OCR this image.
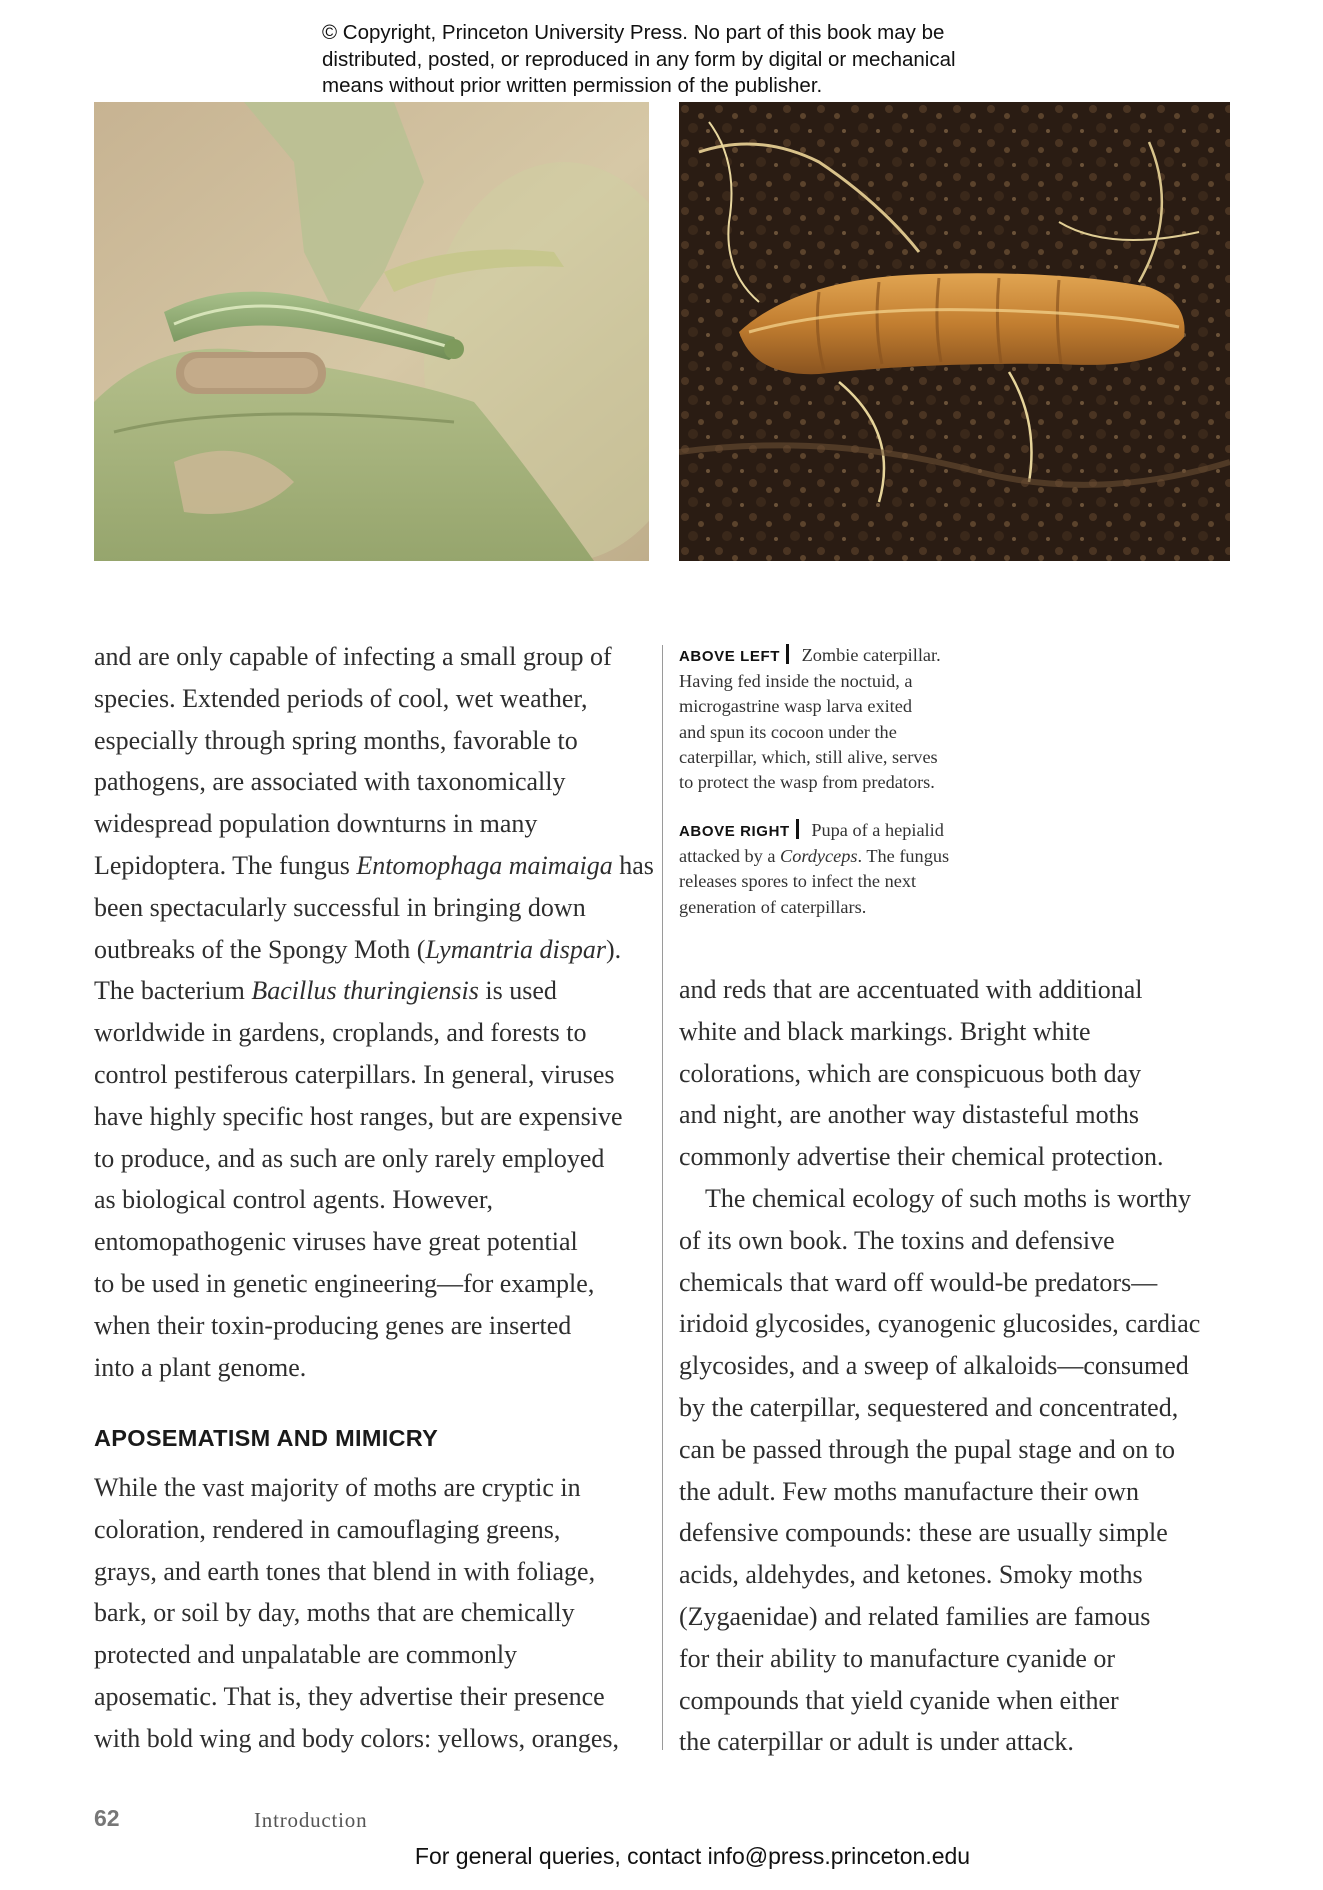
© Copyright, Princeton University Press. No part of this book may be
distributed, posted, or reproduced in any form by digital or mechanical
means without prior written permission of the publisher.
and are only capable of infecting a small group of
species. Extended periods of cool, wet weather,
especially through spring months, favorable to
pathogens, are associated with taxonomically
widespread population downturns in many
Lepidoptera. The fungus Entomophaga maimaiga has
been spectacularly successful in bringing down
outbreaks of the Spongy Moth (Lymantria dispar).
The bacterium Bacillus thuringiensis is used
worldwide in gardens, croplands, and forests to
control pestiferous caterpillars. In general, viruses
have highly specific host ranges, but are expensive
to produce, and as such are only rarely employed
as biological control agents. However,
entomopathogenic viruses have great potential
to be used in genetic engineering—for example,
when their toxin-producing genes are inserted
into a plant genome.
APOSEMATISM AND MIMICRY
While the vast majority of moths are cryptic in
coloration, rendered in camouflaging greens,
grays, and earth tones that blend in with foliage,
bark, or soil by day, moths that are chemically
protected and unpalatable are commonly
aposematic. That is, they advertise their presence
with bold wing and body colors: yellows, oranges,
ABOVE LEFT Zombie caterpillar.

Having fed inside the noctuid, a
microgastrine wasp larva exited
and spun its cocoon under the
caterpillar, which, still alive, serves
to protect the wasp from predators.
ABOVE RIGHT Pupa of a hepialid

attacked by a Cordyceps. The fungus
releases spores to infect the next
generation of caterpillars.
and reds that are accentuated with additional
white and black markings. Bright white
colorations, which are conspicuous both day
and night, are another way distasteful moths
commonly advertise their chemical protection.
 The chemical ecology of such moths is worthy
of its own book. The toxins and defensive
chemicals that ward off would-be predators—
iridoid glycosides, cyanogenic glucosides, cardiac
glycosides, and a sweep of alkaloids—consumed
by the caterpillar, sequestered and concentrated,
can be passed through the pupal stage and on to
the adult. Few moths manufacture their own
defensive compounds: these are usually simple
acids, aldehydes, and ketones. Smoky moths
(Zygaenidae) and related families are famous
for their ability to manufacture cyanide or
compounds that yield cyanide when either
the caterpillar or adult is under attack.
62	Introduction
For general queries, contact info@press.princeton.edu
